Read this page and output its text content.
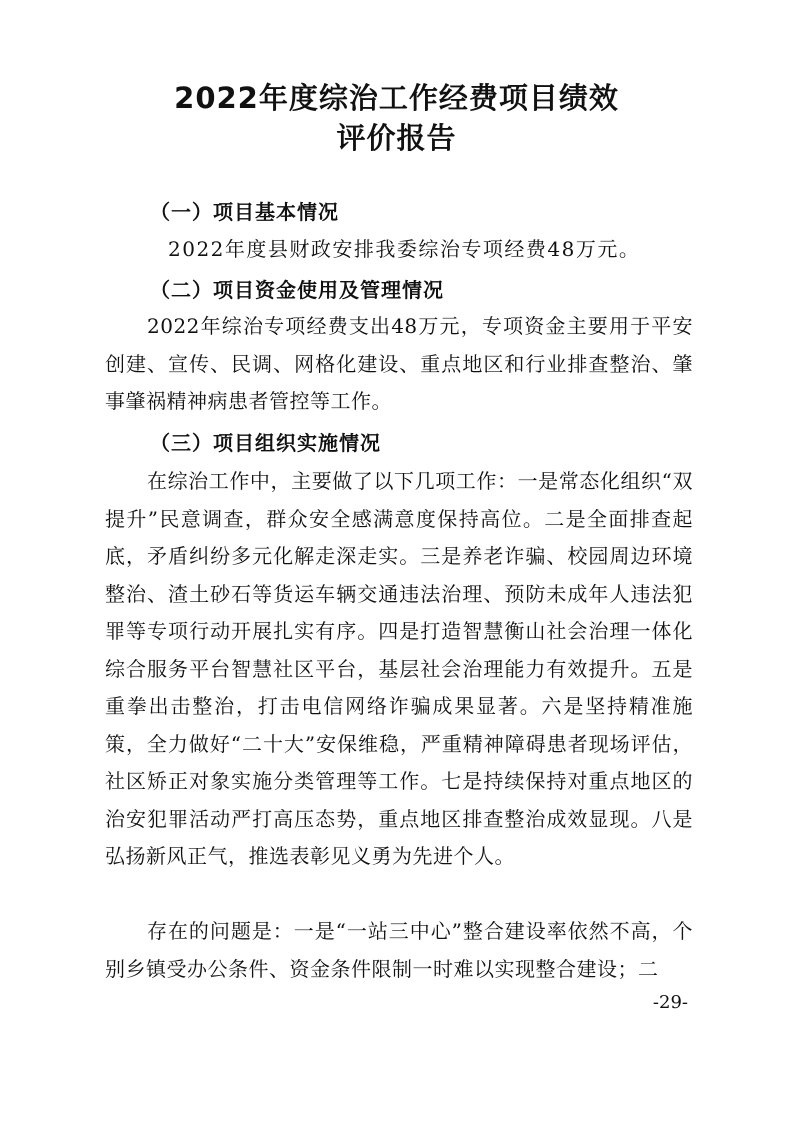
2022年度综治工作经费项目绩效
评价报告
（一）项目基本情况
2022年度县财政安排我委综治专项经费48万元。
（二）项目资金使用及管理情况
2022年综治专项经费支出48万元，专项资金主要用于平安创建、宣传、民调、网格化建设、重点地区和行业排查整治、肇事肇祸精神病患者管控等工作。
（三）项目组织实施情况
在综治工作中，主要做了以下几项工作：一是常态化组织“双提升”民意调查，群众安全感满意度保持高位。二是全面排查起底，矛盾纠纷多元化解走深走实。三是养老诈骗、校园周边环境整治、渣土砂石等货运车辆交通违法治理、预防未成年人违法犯罪等专项行动开展扎实有序。四是打造智慧衡山社会治理一体化综合服务平台智慧社区平台，基层社会治理能力有效提升。五是重拳出击整治，打击电信网络诈骗成果显著。六是坚持精准施策，全力做好“二十大”安保维稳，严重精神障碍患者现场评估，社区矫正对象实施分类管理等工作。七是持续保持对重点地区的治安犯罪活动严打高压态势，重点地区排查整治成效显现。八是弘扬新风正气，推选表彰见义勇为先进个人。
存在的问题是：一是“一站三中心”整合建设率依然不高，个别乡镇受办公条件、资金条件限制一时难以实现整合建设；二
-29-
